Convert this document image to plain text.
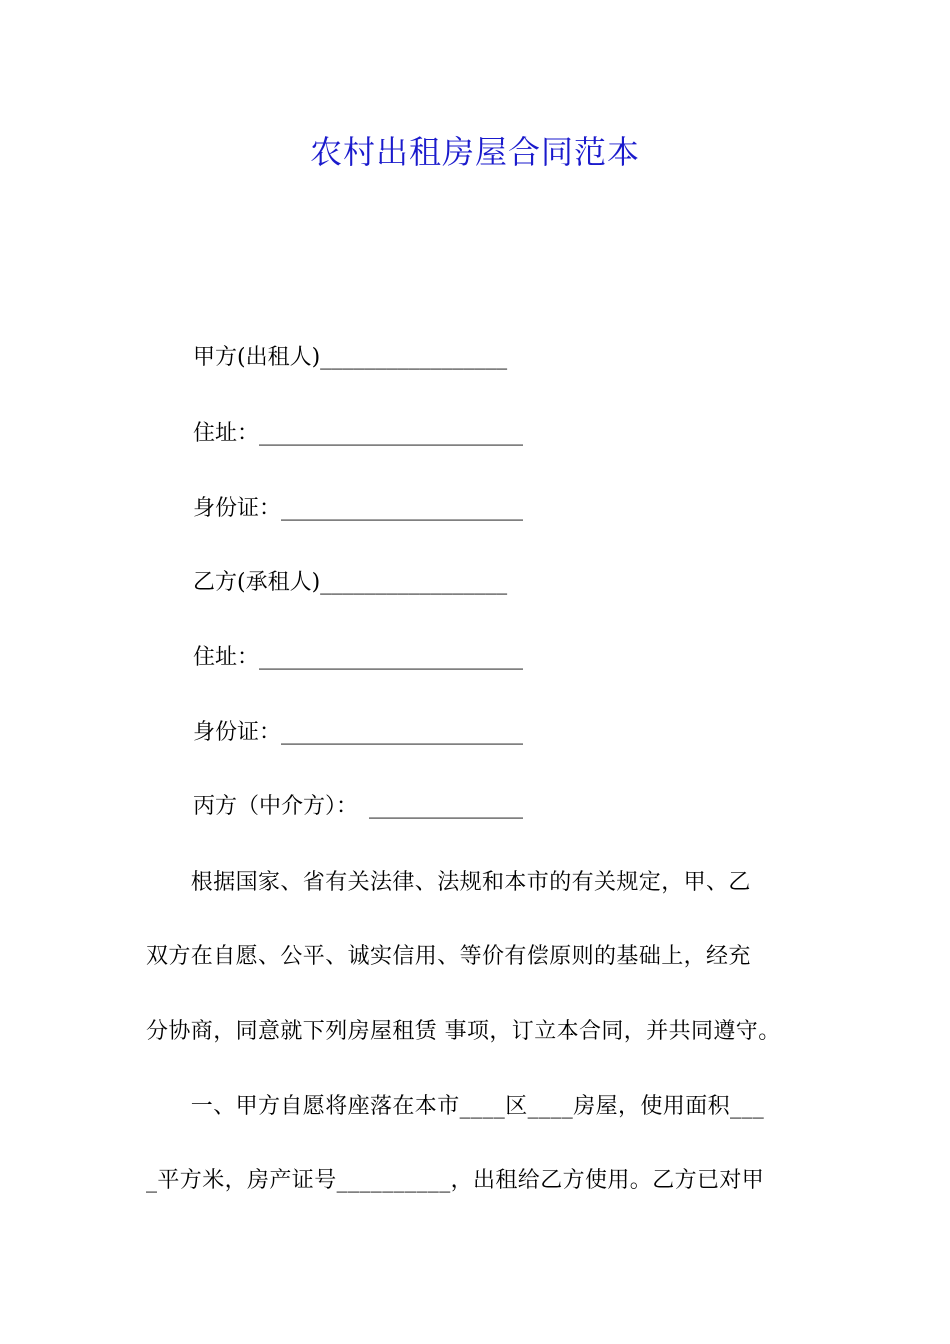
农村出租房屋合同范本
甲方(出租人)_________________
住址：________________________
身份证：______________________
乙方(承租人)_________________
住址：________________________
身份证：______________________
丙方（中介方）：　______________
　　根据国家、省有关法律、法规和本市的有关规定，甲、乙
双方在自愿、公平、诚实信用、等价有偿原则的基础上，经充
分协商，同意就下列房屋租赁 事项，订立本合同，并共同遵守。
　　一、甲方自愿将座落在本市____区____房屋，使用面积___
_平方米，房产证号__________，出租给乙方使用。乙方已对甲
